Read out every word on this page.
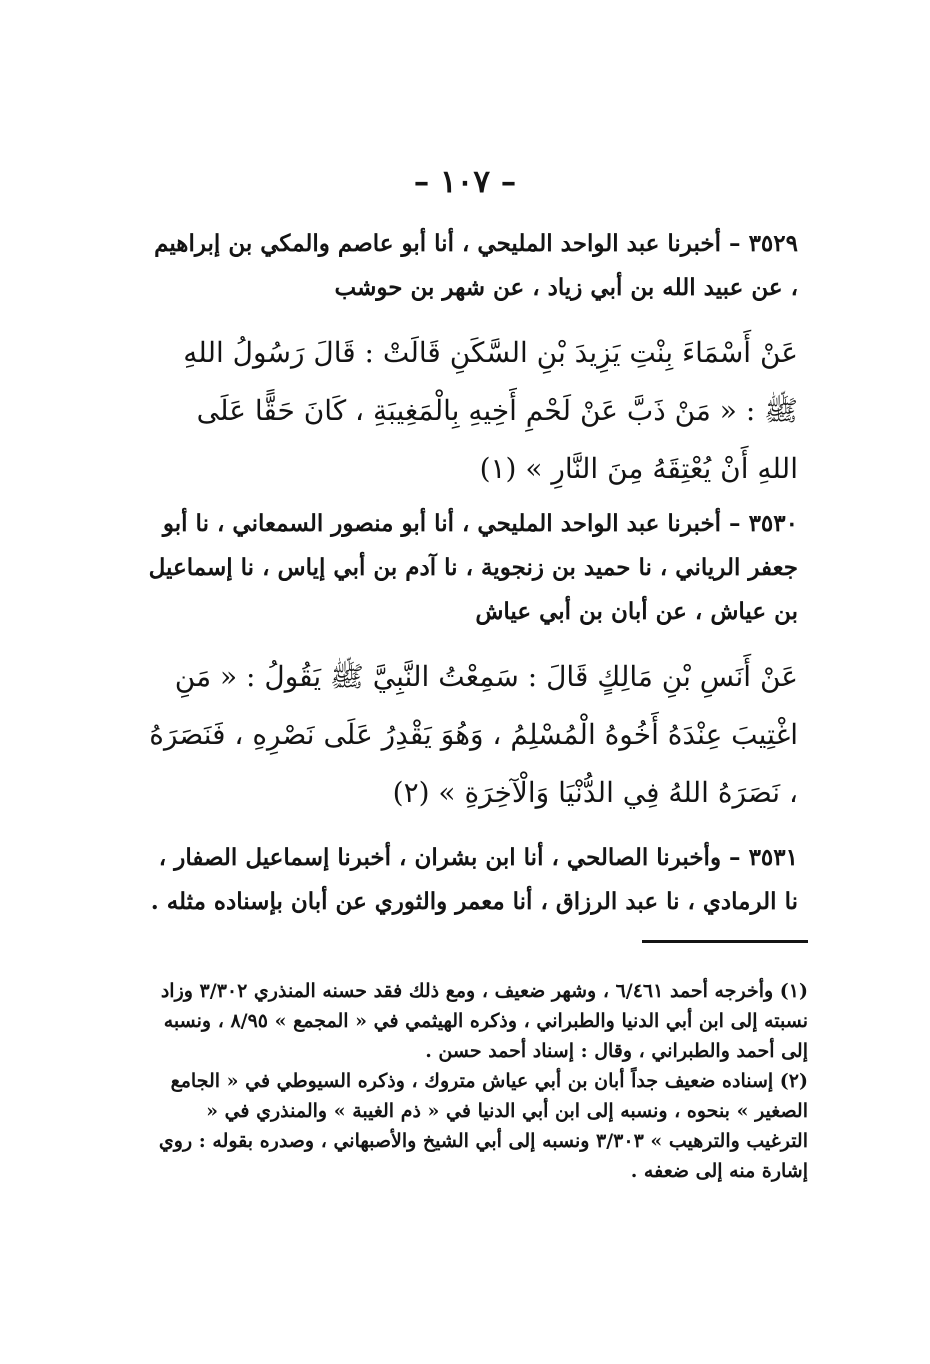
– ١٠٧ –

٣٥٢٩ – أخبرنا عبد الواحد المليحي ، أنا أبو عاصم والمكي بن إبراهيم ، عن عبيد الله بن أبي زياد ، عن شهر بن حوشب

عَنْ أَسْمَاءَ بِنْتِ يَزِيدَ بْنِ السَّكَنِ قَالَتْ : قَالَ رَسُولُ اللهِ ﷺ : « مَنْ ذَبَّ عَنْ لَحْمِ أَخِيهِ بِالْمَغِيبَةِ ، كَانَ حَقًّا عَلَى اللهِ أَنْ يُعْتِقَهُ مِنَ النَّارِ » (١)

٣٥٣٠ – أخبرنا عبد الواحد المليحي ، أنا أبو منصور السمعاني ، نا أبو جعفر الرياني ، نا حميد بن زنجوية ، نا آدم بن أبي إياس ، نا إسماعيل بن عياش ، عن أبان بن أبي عياش

عَنْ أَنَسِ بْنِ مَالِكٍ قَالَ : سَمِعْتُ النَّبِيَّ ﷺ يَقُولُ : « مَنِ اغْتِيبَ عِنْدَهُ أَخُوهُ الْمُسْلِمُ ، وَهُوَ يَقْدِرُ عَلَى نَصْرِهِ ، فَنَصَرَهُ ، نَصَرَهُ اللهُ فِي الدُّنْيَا وَالْآخِرَةِ » (٢)

٣٥٣١ – وأخبرنا الصالحي ، أنا ابن بشران ، أخبرنا إسماعيل الصفار ، نا الرمادي ، نا عبد الرزاق ، أنا معمر والثوري عن أبان بإسناده مثله .

(١) وأخرجه أحمد ٦/٤٦١ ، وشهر ضعيف ، ومع ذلك فقد حسنه المنذري ٣/٣٠٢ وزاد نسبته إلى ابن أبي الدنيا والطبراني ، وذكره الهيثمي في « المجمع » ٨/٩٥ ، ونسبه إلى أحمد والطبراني ، وقال : إسناد أحمد حسن .

(٢) إسناده ضعيف جداً أبان بن أبي عياش متروك ، وذكره السيوطي في « الجامع الصغير » بنحوه ، ونسبه إلى ابن أبي الدنيا في « ذم الغيبة » والمنذري في « الترغيب والترهيب » ٣/٣٠٣ ونسبه إلى أبي الشيخ والأصبهاني ، وصدره بقوله : روي إشارة منه إلى ضعفه .
